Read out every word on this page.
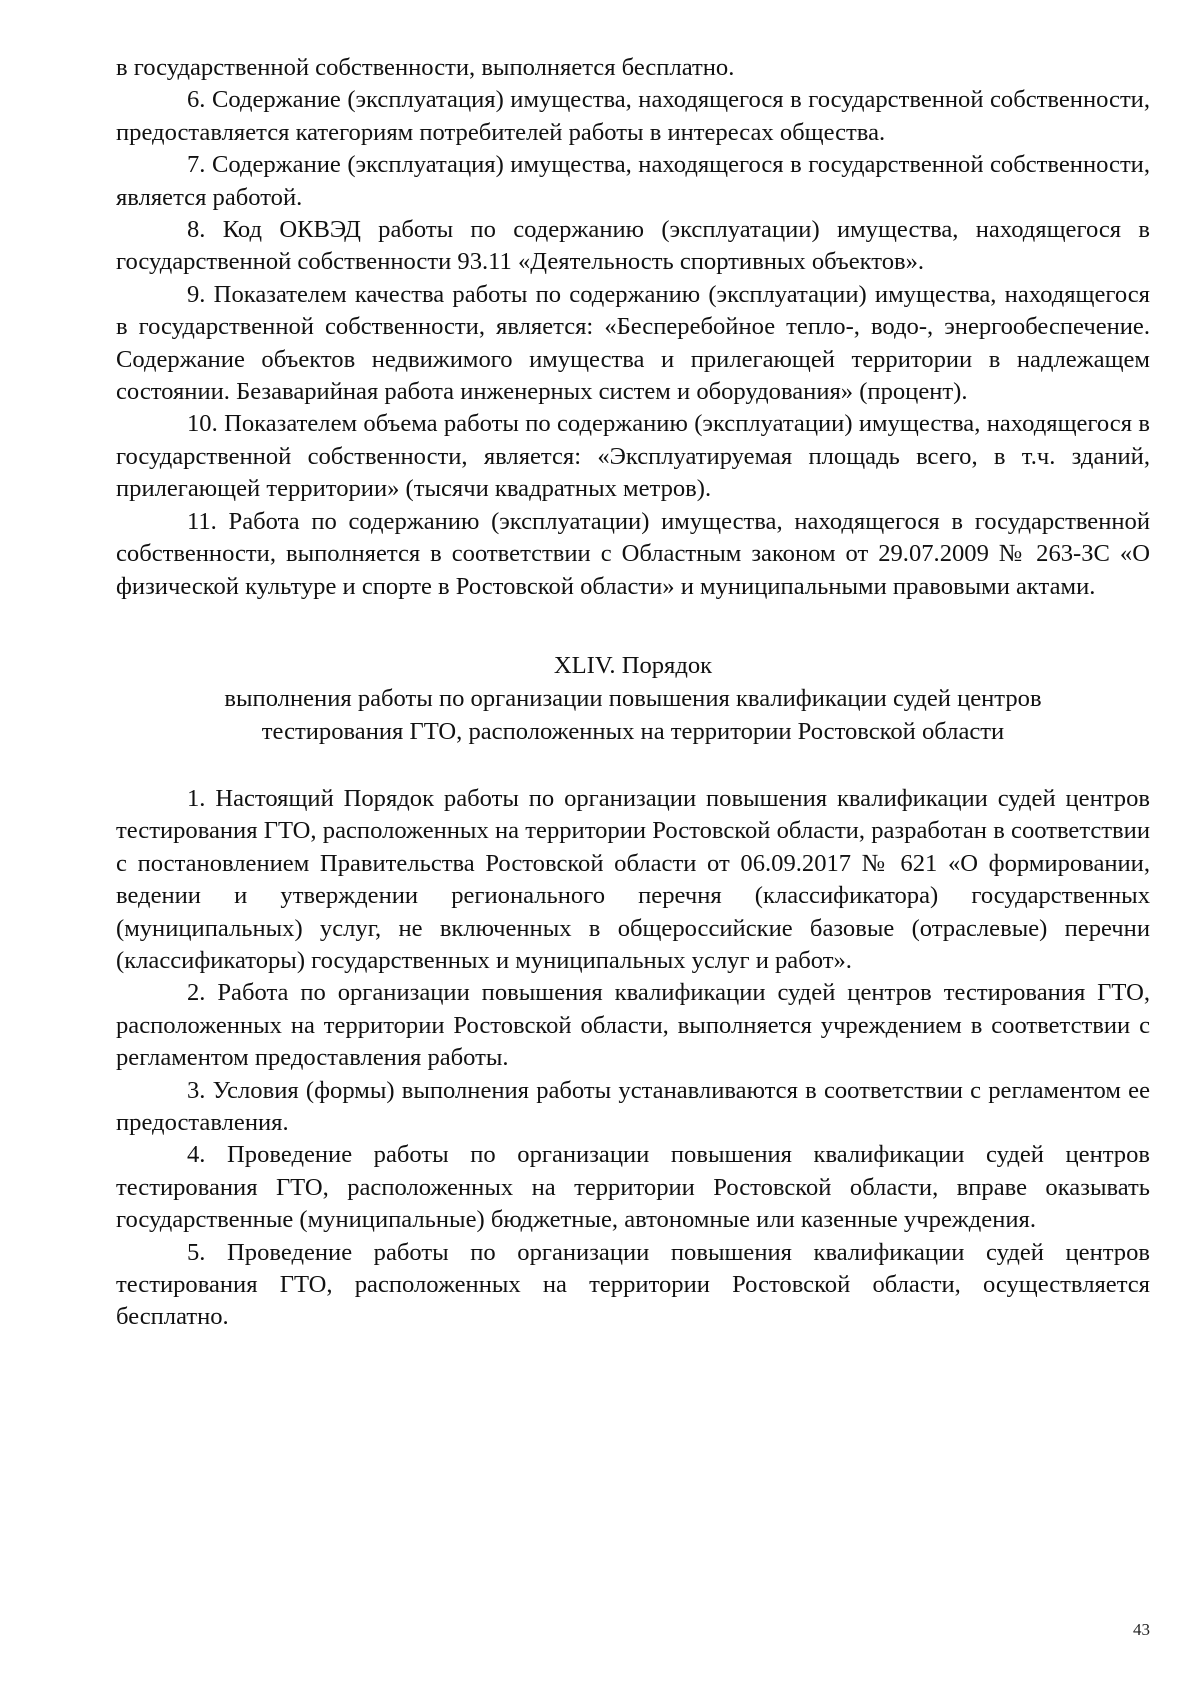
в государственной собственности, выполняется бесплатно.

6. Содержание (эксплуатация) имущества, находящегося в государственной собственности, предоставляется категориям потребителей работы в интересах общества.

7. Содержание (эксплуатация) имущества, находящегося в государственной собственности, является работой.

8. Код ОКВЭД работы по содержанию (эксплуатации) имущества, находящегося в государственной собственности 93.11 «Деятельность спортивных объектов».

9. Показателем качества работы по содержанию (эксплуатации) имущества, находящегося в государственной собственности, является: «Бесперебойное тепло-, водо-, энергообеспечение. Содержание объектов недвижимого имущества и прилегающей территории в надлежащем состоянии. Безаварийная работа инженерных систем и оборудования» (процент).

10. Показателем объема работы по содержанию (эксплуатации) имущества, находящегося в государственной собственности, является: «Эксплуатируемая площадь всего, в т.ч. зданий, прилегающей территории» (тысячи квадратных метров).

11. Работа по содержанию (эксплуатации) имущества, находящегося в государственной собственности, выполняется в соответствии с Областным законом от 29.07.2009 № 263-ЗС «О физической культуре и спорте в Ростовской области» и муниципальными правовыми актами.

XLIV. Порядок
выполнения работы по организации повышения квалификации судей центров
тестирования ГТО, расположенных на территории Ростовской области

1. Настоящий Порядок работы по организации повышения квалификации судей центров тестирования ГТО, расположенных на территории Ростовской области, разработан в соответствии с постановлением Правительства Ростовской области от 06.09.2017 № 621 «О формировании, ведении и утверждении регионального перечня (классификатора) государственных (муниципальных) услуг, не включенных в общероссийские базовые (отраслевые) перечни (классификаторы) государственных и муниципальных услуг и работ».

2. Работа по организации повышения квалификации судей центров тестирования ГТО, расположенных на территории Ростовской области, выполняется учреждением в соответствии с регламентом предоставления работы.

3. Условия (формы) выполнения работы устанавливаются в соответствии с регламентом ее предоставления.

4. Проведение работы по организации повышения квалификации судей центров тестирования ГТО, расположенных на территории Ростовской области, вправе оказывать государственные (муниципальные) бюджетные, автономные или казенные учреждения.

5. Проведение работы по организации повышения квалификации судей центров тестирования ГТО, расположенных на территории Ростовской области, осуществляется бесплатно.

43
